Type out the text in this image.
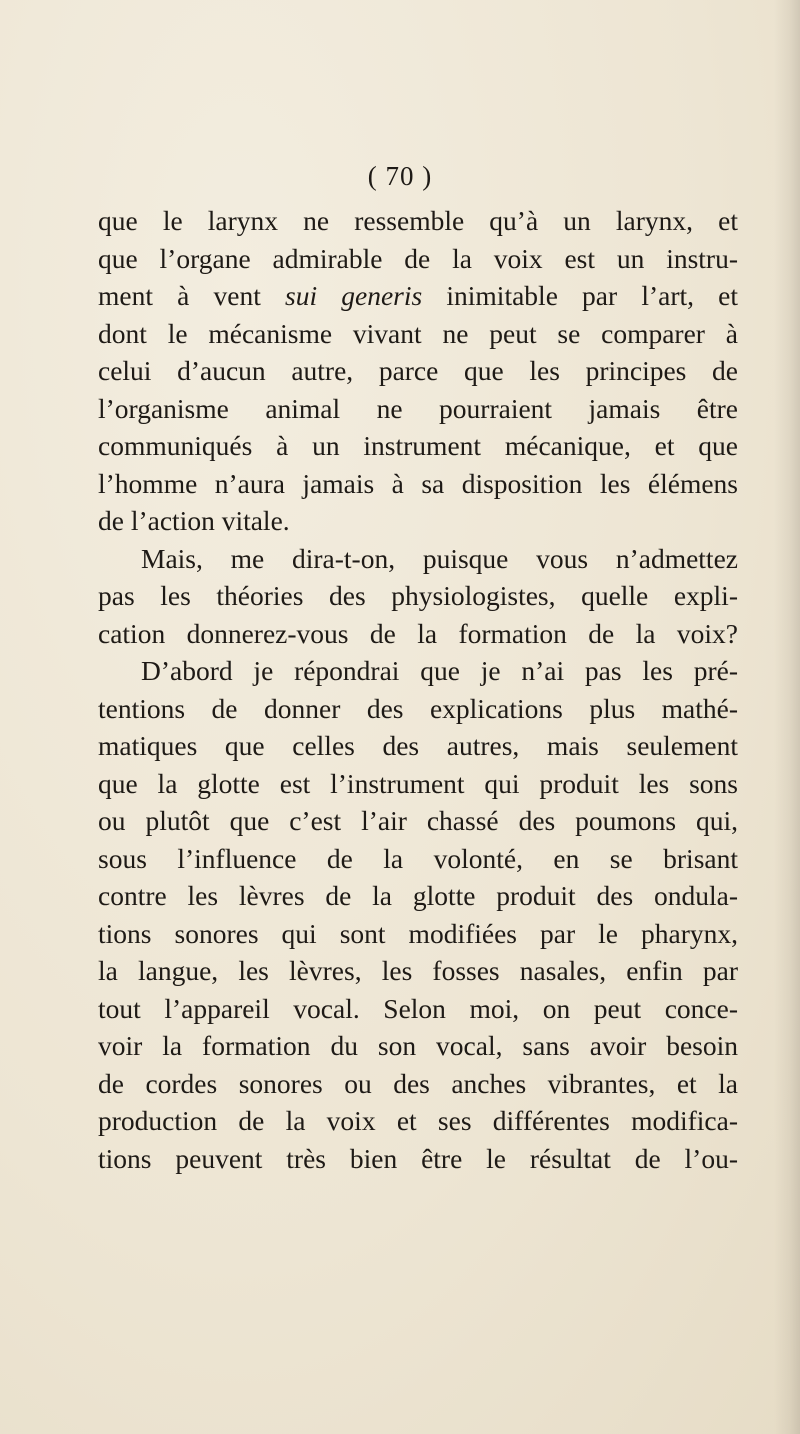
( 70 )
que le larynx ne ressemble qu’à un larynx, et
que l’organe admirable de la voix est un instru-
ment à vent sui generis inimitable par l’art, et
dont le mécanisme vivant ne peut se comparer à
celui d’aucun autre, parce que les principes de
l’organisme animal ne pourraient jamais être
communiqués à un instrument mécanique, et que
l’homme n’aura jamais à sa disposition les élémens
de l’action vitale.
Mais, me dira-t-on, puisque vous n’admettez
pas les théories des physiologistes, quelle expli-
cation donnerez-vous de la formation de la voix?
D’abord je répondrai que je n’ai pas les pré-
tentions de donner des explications plus mathé-
matiques que celles des autres, mais seulement
que la glotte est l’instrument qui produit les sons
ou plutôt que c’est l’air chassé des poumons qui,
sous l’influence de la volonté, en se brisant
contre les lèvres de la glotte produit des ondula-
tions sonores qui sont modifiées par le pharynx,
la langue, les lèvres, les fosses nasales, enfin par
tout l’appareil vocal. Selon moi, on peut conce-
voir la formation du son vocal, sans avoir besoin
de cordes sonores ou des anches vibrantes, et la
production de la voix et ses différentes modifica-
tions peuvent très bien être le résultat de l’ou-
